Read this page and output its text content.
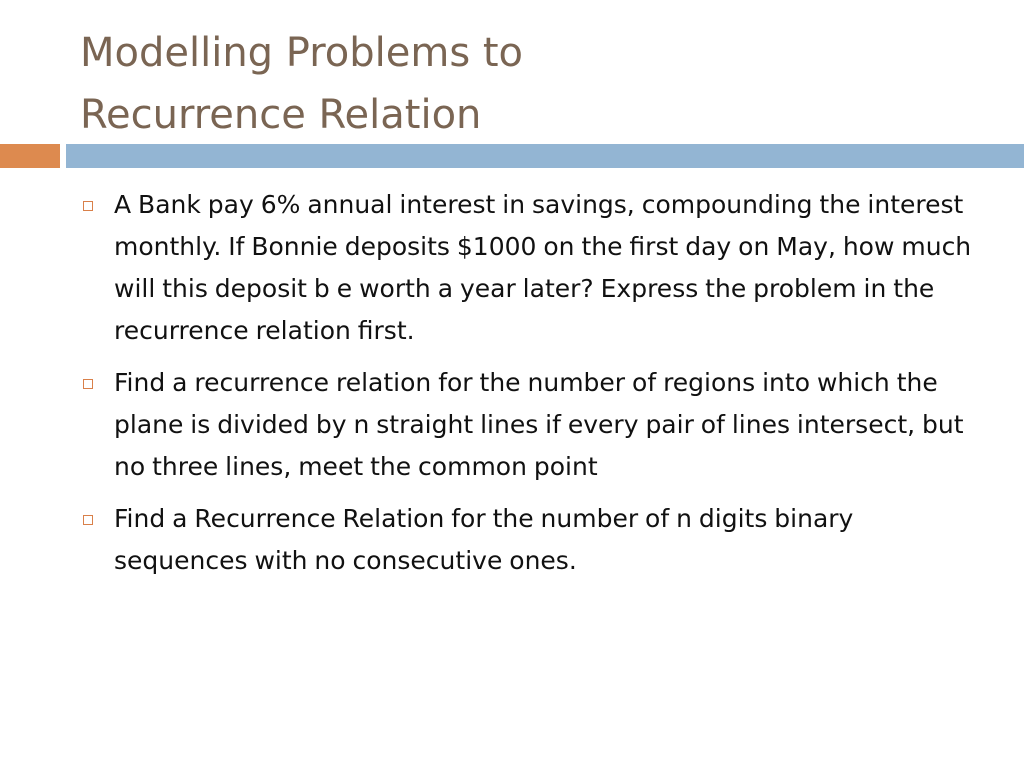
Modelling Problems to
Recurrence Relation
A Bank pay 6% annual interest in savings, compounding the interest monthly. If Bonnie deposits $1000 on the first day on May, how much will this deposit b e worth a year later? Express the problem in the recurrence relation first.
Find a recurrence relation for the number of regions into which the plane is divided by n straight lines if every pair of lines intersect, but no three lines, meet the common point
Find a Recurrence Relation for the number of n digits binary sequences with no consecutive ones.
